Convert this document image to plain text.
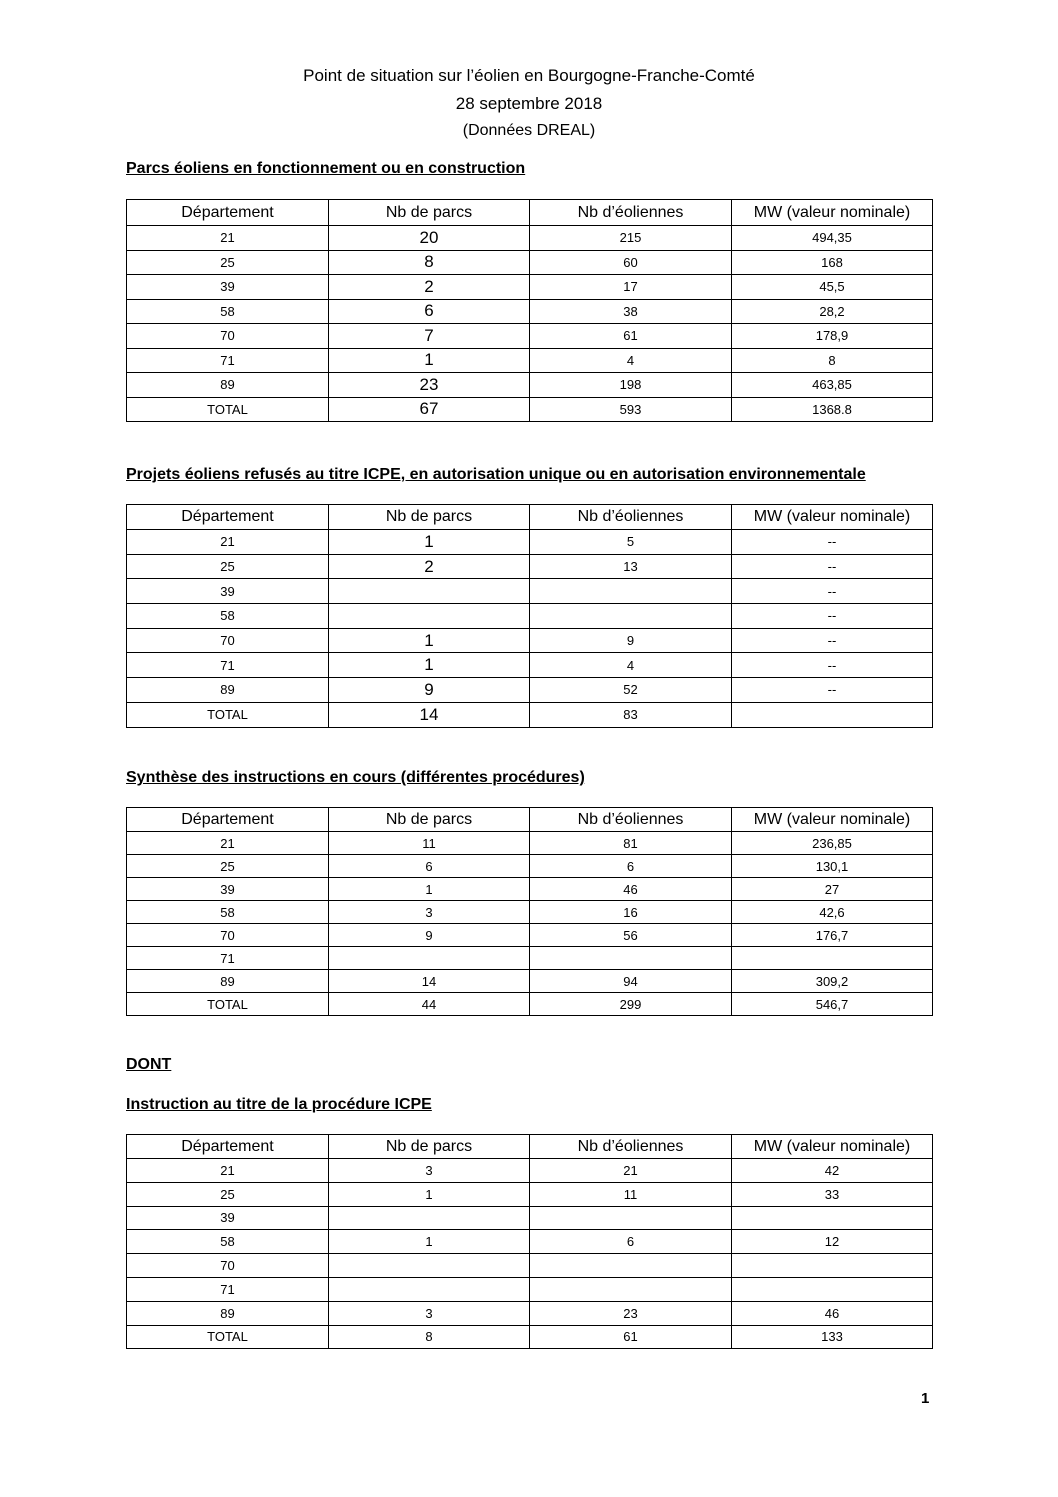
Point de situation sur l’éolien en Bourgogne-Franche-Comté
28 septembre 2018
(Données DREAL)
Parcs éoliens en fonctionnement ou en construction
Département	Nb de parcs	Nb d’éoliennes	MW (valeur nominale)
21	20	215	494,35
25	8	60	168
39	2	17	45,5
58	6	38	28,2
70	7	61	178,9
71	1	4	8
89	23	198	463,85
TOTAL	67	593	1368.8
Projets éoliens refusés au titre ICPE, en autorisation unique ou en autorisation environnementale
Département	Nb de parcs	Nb d’éoliennes	MW (valeur nominale)
21	1	5	--
25	2	13	--
39			--
58			--
70	1	9	--
71	1	4	--
89	9	52	--
TOTAL	14	83	
Synthèse des instructions en cours (différentes procédures)
Département	Nb de parcs	Nb d’éoliennes	MW (valeur nominale)
21	11	81	236,85
25	6	6	130,1
39	1	46	27
58	3	16	42,6
70	9	56	176,7
71			
89	14	94	309,2
TOTAL	44	299	546,7
DONT
Instruction au titre de la procédure ICPE
Département	Nb de parcs	Nb d’éoliennes	MW (valeur nominale)
21	3	21	42
25	1	11	33
39			
58	1	6	12
70			
71			
89	3	23	46
TOTAL	8	61	133
1
